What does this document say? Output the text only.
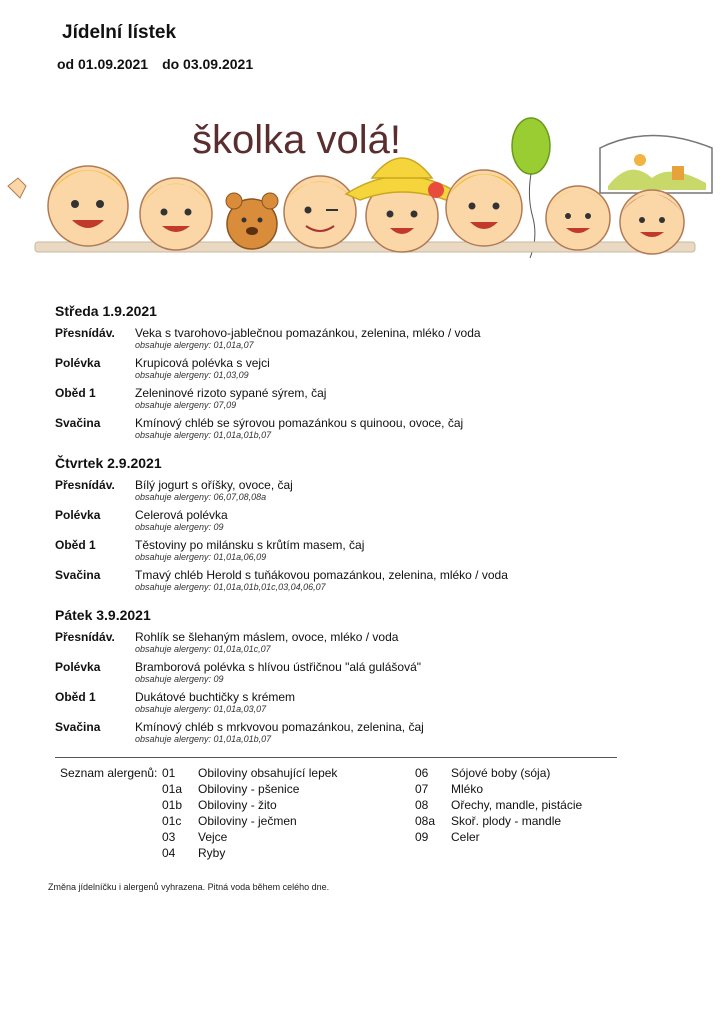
Jídelní lístek
od 01.09.2021 do 03.09.2021
školka volá!
Středa 1.9.2021
Přesnídáv. Veka s tvarohovo-jablečnou pomazánkou, zelenina, mléko / voda
obsahuje alergeny: 01,01a,07
Polévka	Krupicová polévka s vejci
obsahuje alergeny: 01,03,09
Oběd 1	Zeleninové rizoto sypané sýrem, čaj
obsahuje alergeny: 07,09
Svačina	Kmínový chléb se sýrovou pomazánkou s quinoou, ovoce, čaj
obsahuje alergeny: 01,01a,01b,07
Čtvrtek 2.9.2021
Přesnídáv. Bílý jogurt s oříšky, ovoce, čaj
obsahuje alergeny: 06,07,08,08a
Polévka	Celerová polévka
obsahuje alergeny: 09
Oběd 1	Těstoviny po milánsku s krůtím masem, čaj
obsahuje alergeny: 01,01a,06,09
Svačina	Tmavý chléb Herold s tuňákovou pomazánkou, zelenina, mléko / voda
obsahuje alergeny: 01,01a,01b,01c,03,04,06,07
Pátek 3.9.2021
Přesnídáv. Rohlík se šlehaným máslem, ovoce, mléko / voda
obsahuje alergeny: 01,01a,01c,07
Polévka	Bramborová polévka s hlívou ústřičnou "alá gulášová"
obsahuje alergeny: 09
Oběd 1	Dukátové buchtičky s krémem
obsahuje alergeny: 01,01a,03,07
Svačina	Kmínový chléb s mrkvovou pomazánkou, zelenina, čaj
obsahuje alergeny: 01,01a,01b,07
Seznam alergenů: 01 Obiloviny obsahující lepek
01a Obiloviny - pšenice
01b Obiloviny - žito
01c Obiloviny - ječmen
03 Vejce
04 Ryby
06 Sójové boby (sója)
07 Mléko
08 Ořechy, mandle, pistácie
08a Skoř. plody - mandle
09 Celer
Změna jídelníčku i alergenů vyhrazena. Pitná voda během celého dne.
